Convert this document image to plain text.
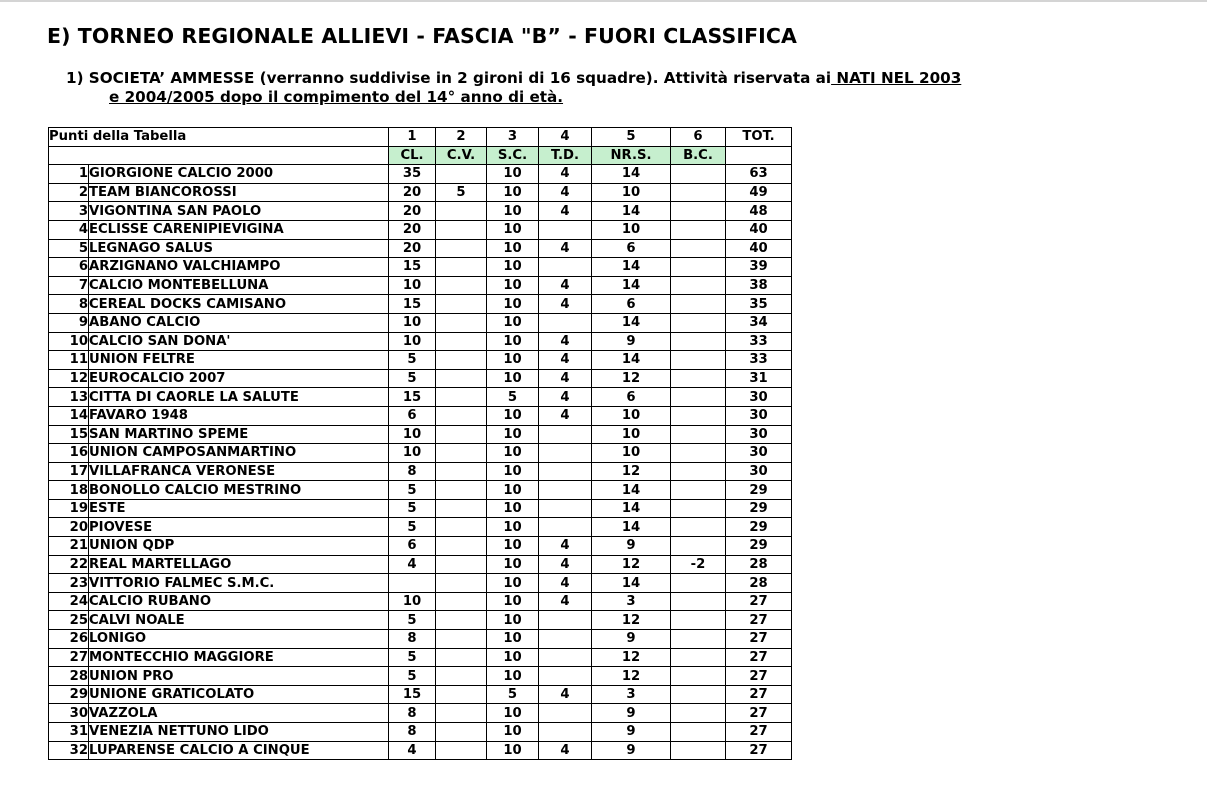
E) TORNEO REGIONALE ALLIEVI - FASCIA "B” - FUORI CLASSIFICA
1) SOCIETA’ AMMESSE (verranno suddivise in 2 gironi di 16 squadre). Attività riservata ai NATI NEL 2003
e 2004/2005 dopo il compimento del 14° anno di età.
Punti della Tabella		1	2	3	4	5	6	TOT.
		CL.	C.V.	S.C.	T.D.	NR.S.	B.C.	
1	GIORGIONE CALCIO 2000	35		10	4	14		63
2	TEAM BIANCOROSSI	20	5	10	4	10		49
3	VIGONTINA SAN PAOLO	20		10	4	14		48
4	ECLISSE CARENIPIEVIGINA	20		10		10		40
5	LEGNAGO SALUS	20		10	4	6		40
6	ARZIGNANO VALCHIAMPO	15		10		14		39
7	CALCIO MONTEBELLUNA	10		10	4	14		38
8	CEREAL DOCKS CAMISANO	15		10	4	6		35
9	ABANO CALCIO	10		10		14		34
10	CALCIO SAN DONA'	10		10	4	9		33
11	UNION FELTRE	5		10	4	14		33
12	EUROCALCIO 2007	5		10	4	12		31
13	CITTA DI CAORLE LA SALUTE	15		5	4	6		30
14	FAVARO 1948	6		10	4	10		30
15	SAN MARTINO SPEME	10		10		10		30
16	UNION CAMPOSANMARTINO	10		10		10		30
17	VILLAFRANCA VERONESE	8		10		12		30
18	BONOLLO CALCIO MESTRINO	5		10		14		29
19	ESTE	5		10		14		29
20	PIOVESE	5		10		14		29
21	UNION QDP	6		10	4	9		29
22	REAL MARTELLAGO	4		10	4	12	-2	28
23	VITTORIO FALMEC S.M.C.			10	4	14		28
24	CALCIO RUBANO	10		10	4	3		27
25	CALVI NOALE	5		10		12		27
26	LONIGO	8		10		9		27
27	MONTECCHIO MAGGIORE	5		10		12		27
28	UNION PRO	5		10		12		27
29	UNIONE GRATICOLATO	15		5	4	3		27
30	VAZZOLA	8		10		9		27
31	VENEZIA NETTUNO LIDO	8		10		9		27
32	LUPARENSE CALCIO A CINQUE	4		10	4	9		27
